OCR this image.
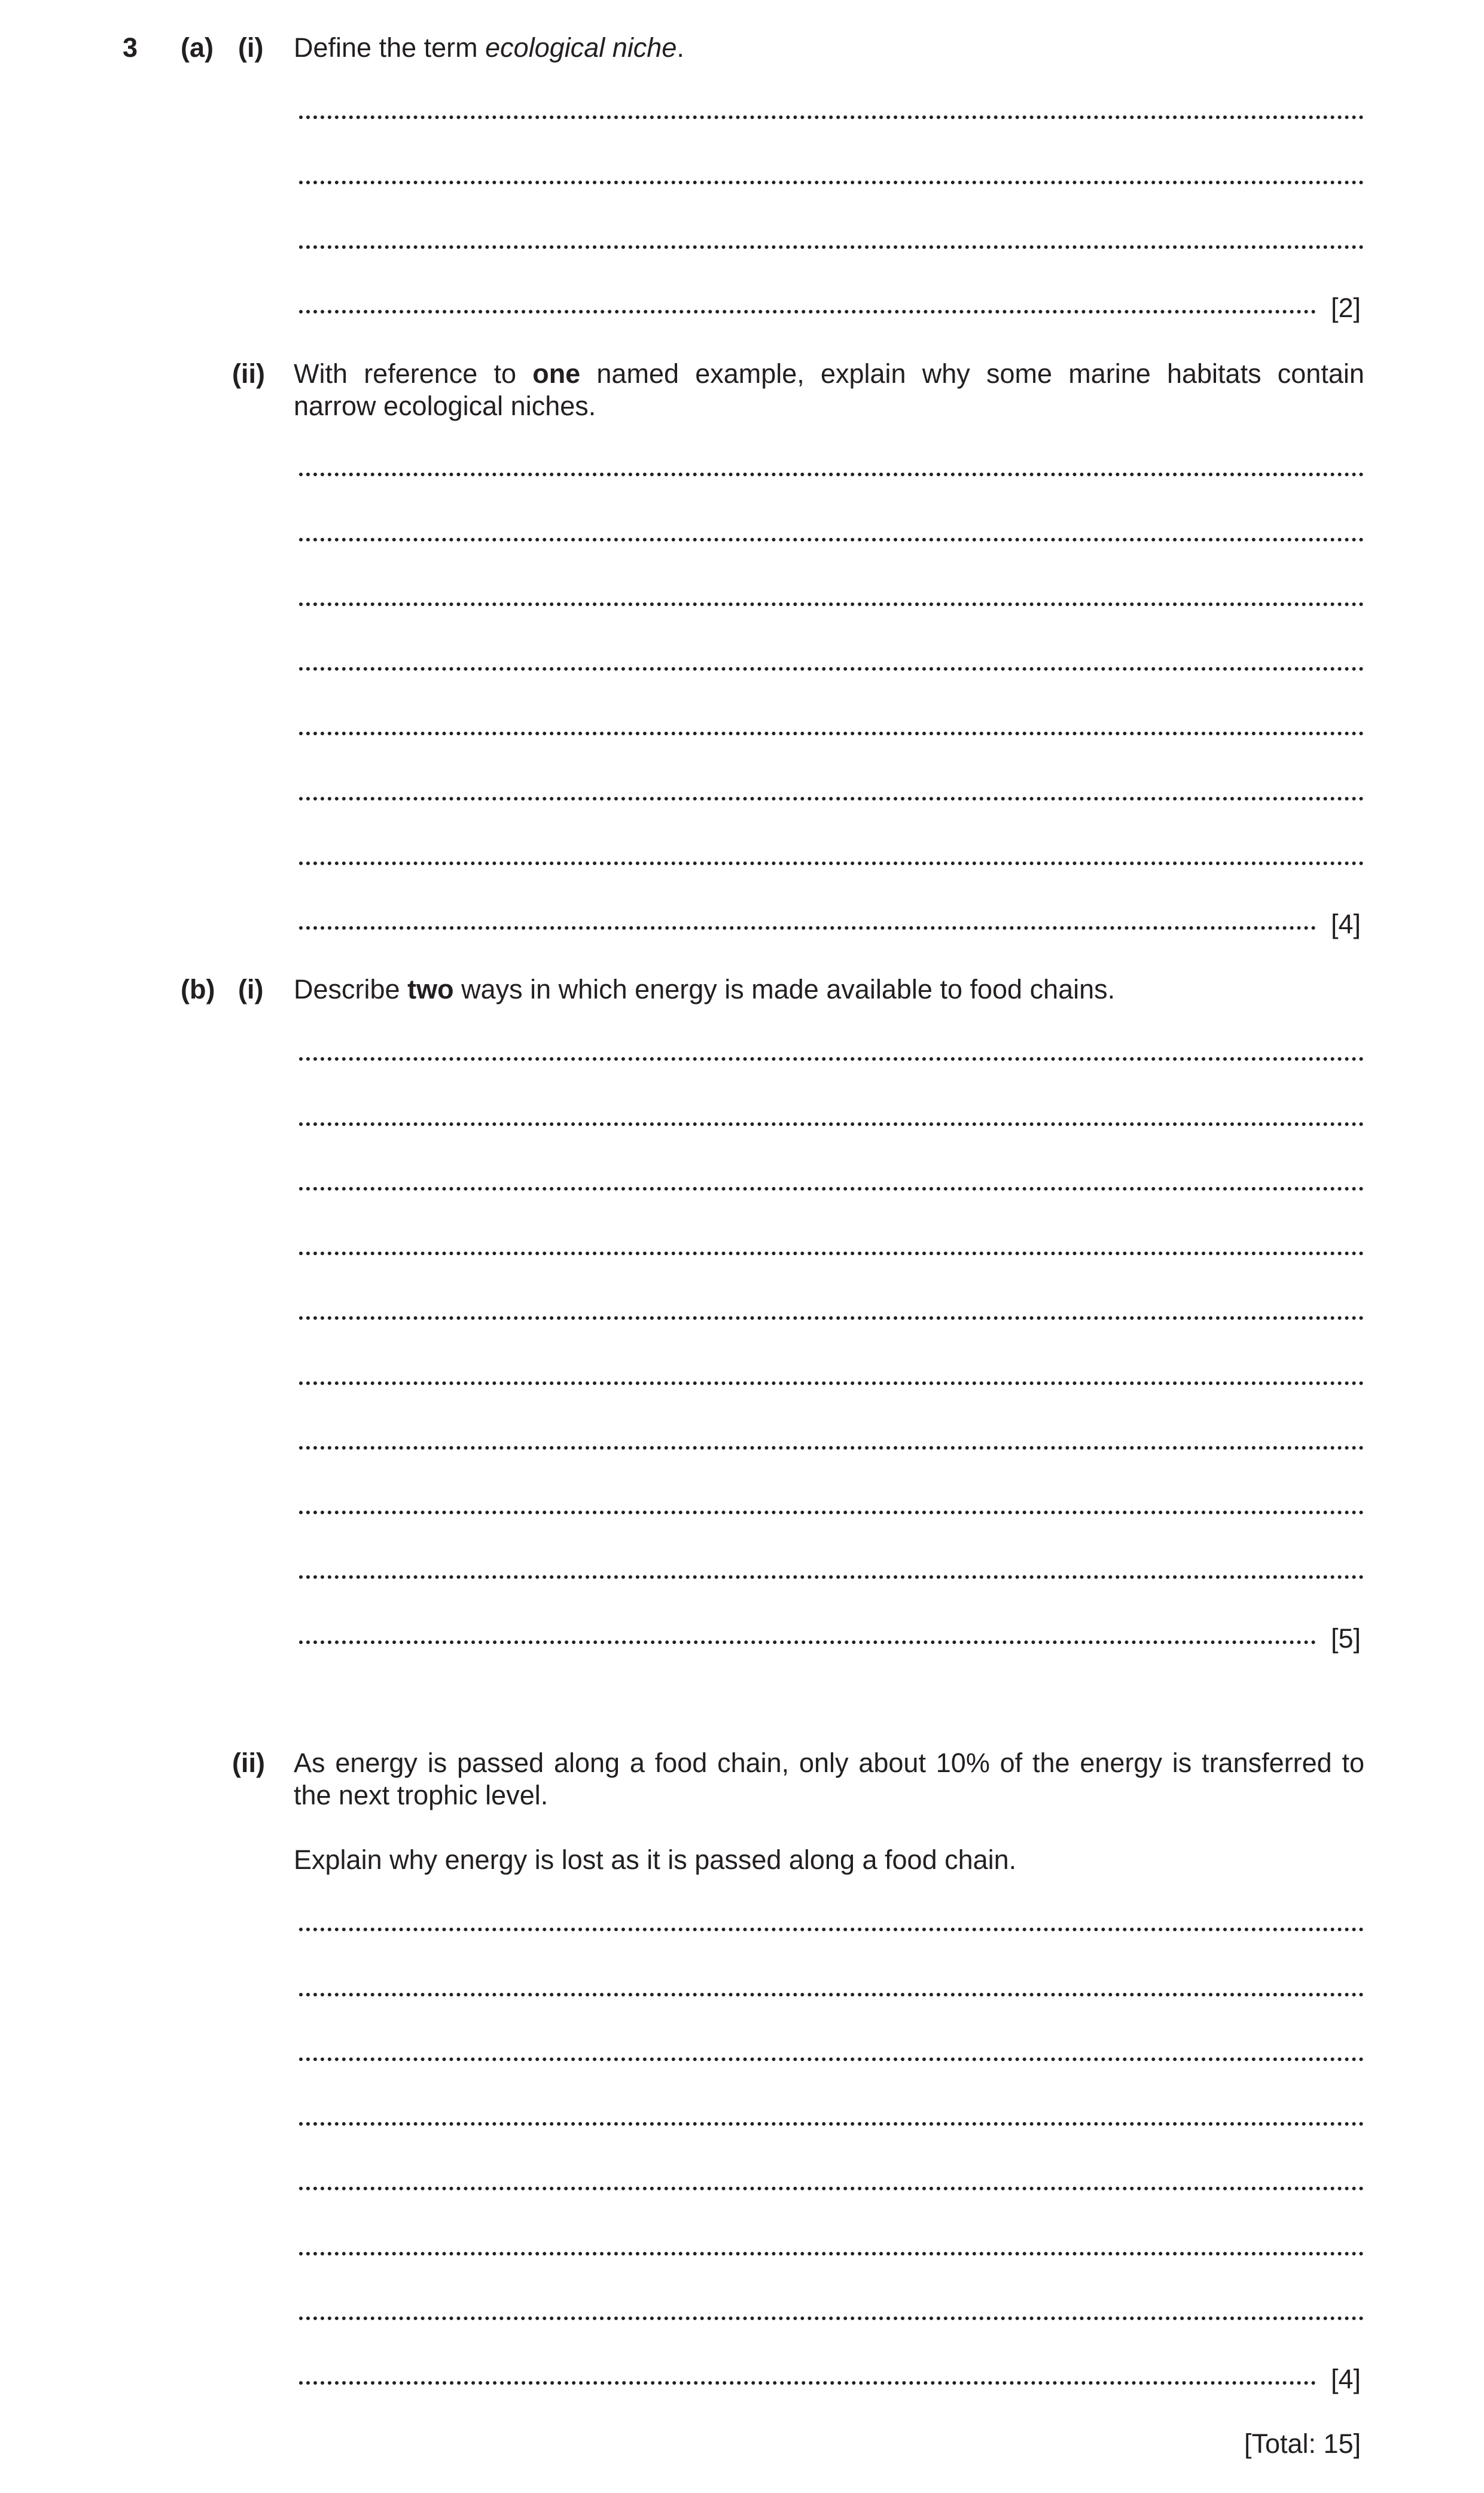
3 (a) (i) Define the term ecological niche.
[2]
(ii) With reference to one named example, explain why some marine habitats contain
narrow ecological niches.
[4]
(b) (i) Describe two ways in which energy is made available to food chains.
[5]
(ii) As energy is passed along a food chain, only about 10% of the energy is transferred to
the next trophic level.
Explain why energy is lost as it is passed along a food chain.
[4]
[Total: 15]
